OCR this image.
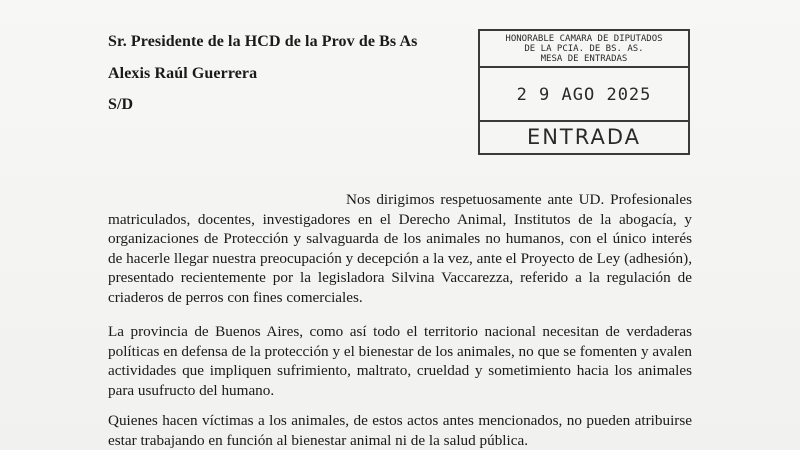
Sr. Presidente de la HCD de la Prov de Bs As
Alexis Raúl Guerrera
S/D
HONORABLE CAMARA DE DIPUTADOS
DE LA PCIA. DE BS. AS.
MESA DE ENTRADAS
2 9 AGO 2025
ENTRADA

Nos dirigimos respetuosamente ante UD. Profesionales matriculados, docentes, investigadores en el Derecho Animal, Institutos de la abogacía, y organizaciones de Protección y salvaguarda de los animales no humanos, con el único interés de hacerle llegar nuestra preocupación y decepción a la vez, ante el Proyecto de Ley (adhesión), presentado recientemente por la legisladora Silvina Vaccarezza, referido a la regulación de criaderos de perros con fines comerciales.

La provincia de Buenos Aires, como así todo el territorio nacional necesitan de verdaderas políticas en defensa de la protección y el bienestar de los animales, no que se fomenten y avalen actividades que impliquen sufrimiento, maltrato, crueldad y sometimiento hacia los animales para usufructo del humano.

Quienes hacen víctimas a los animales, de estos actos antes mencionados, no pueden atribuirse estar trabajando en función al bienestar animal ni de la salud pública.
